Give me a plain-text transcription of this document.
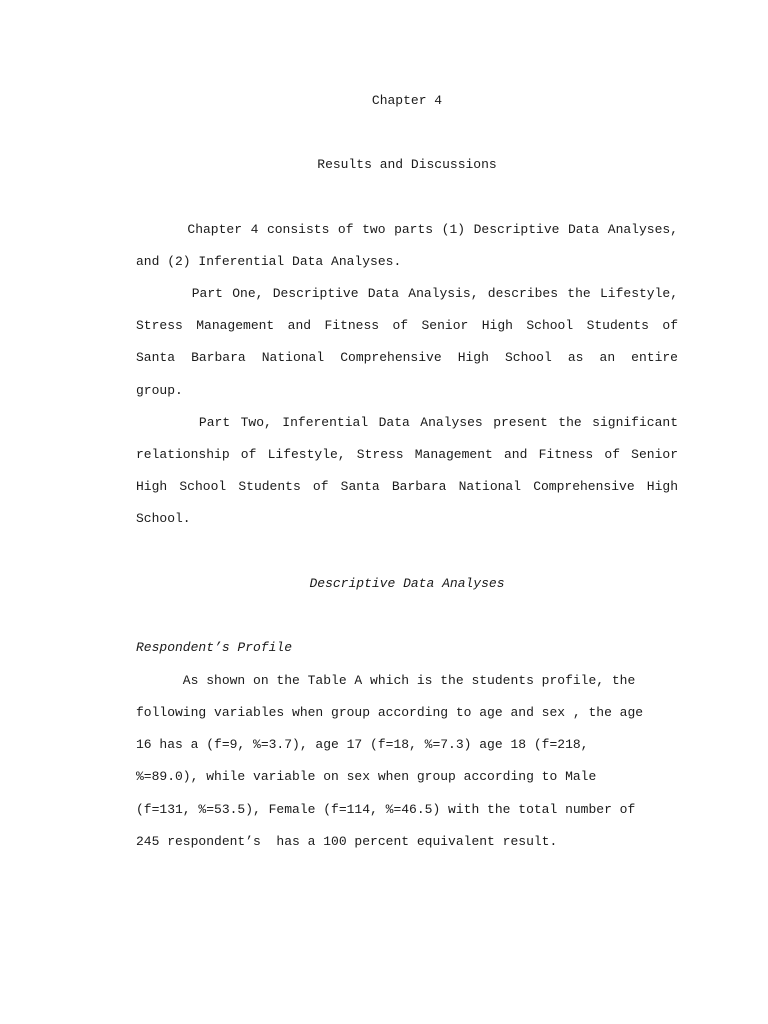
Chapter 4
Results and Discussions
Chapter 4 consists of two parts (1) Descriptive Data Analyses,
and (2) Inferential Data Analyses.
Part One, Descriptive Data Analysis, describes the Lifestyle,
Stress Management and Fitness of Senior High School Students of
Santa Barbara National Comprehensive High School as an entire
group.
Part Two, Inferential Data Analyses present the significant
relationship of Lifestyle, Stress Management and Fitness of Senior
High School Students of Santa Barbara National Comprehensive High
School.
Descriptive Data Analyses
Respondent’s Profile
As shown on the Table A which is the students profile, the
following variables when group according to age and sex , the age
16 has a (f=9, %=3.7), age 17 (f=18, %=7.3) age 18 (f=218,
%=89.0), while variable on sex when group according to Male
(f=131, %=53.5), Female (f=114, %=46.5) with the total number of
245 respondent’s  has a 100 percent equivalent result.
